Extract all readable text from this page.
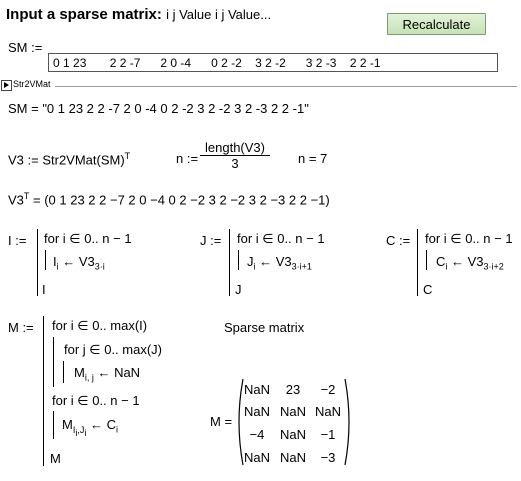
Input a sparse matrix: i j Value i j Value...
Recalculate
SM :=
0 1 23 2 2 -7 2 0 -4 0 2 -2 3 2 -2 3 2 -3 2 2 -1
Str2VMat
SM = "0 1 23 2 2 -7 2 0 -4 0 2 -2 3 2 -2 3 2 -3 2 2 -1"
V3 := Str2VMat(SM)$^T$	n :=
length(V3)
3	n = 7
$V3^T = (0$ 1 23 2 2 −7 2 0 −4 0 2 −2 3 2 −2 3 2 −3 2 2 −1)
I := for i ∈ 0.. n − 1
$I_i$ ← $V3_{3\cdot i}$
I
J := for i ∈ 0.. n − 1
$J_i$ ← $V3_{3\cdot i+1}$
J
C := for i ∈ 0.. n − 1
$C_i$ ← $V3_{3\cdot i+2}$
C
M := for i ∈ 0.. max(I)
for j ∈ 0.. max(J)
$M_{i, j}$ ← NaN
for i ∈ 0.. n − 1
$M_{I_i,J_i}$ ← $C_i$
M
Sparse matrix
M =
NaN	23	−2
NaN NaN NaN
−4	NaN	−1
NaN NaN	−3
